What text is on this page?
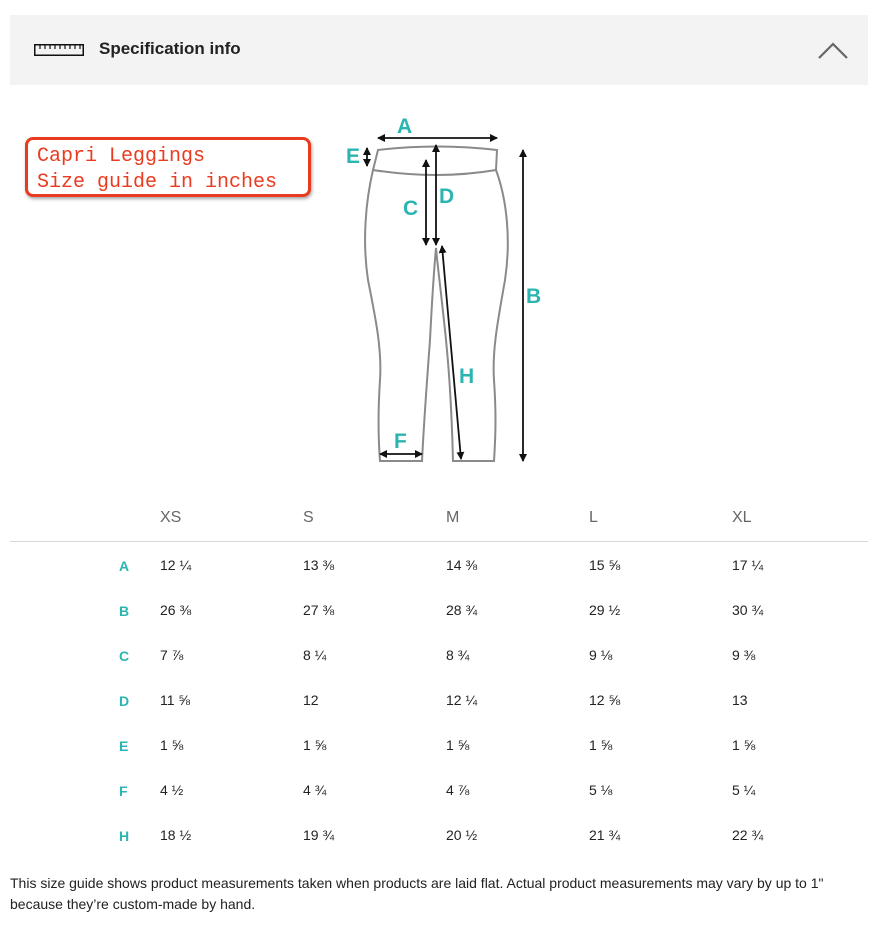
Specification info
Capri Leggings
Size guide in inches
A
E
C
D
B
H
F
XS	S	M	L	XL
A 12 ¼	13 ⅜	14 ⅜	15 ⅝	17 ¼
B 26 ⅜	27 ⅜	28 ¾	29 ½	30 ¾
C 7 ⅞	8 ¼	8 ¾	9 ⅛	9 ⅜
D 11 ⅝	12	12 ¼	12 ⅝	13
E 1 ⅝	1 ⅝	1 ⅝	1 ⅝	1 ⅝
F 4 ½	4 ¾	4 ⅞	5 ⅛	5 ¼
H 18 ½	19 ¾	20 ½	21 ¾	22 ¾
This size guide shows product measurements taken when products are laid flat. Actual product measurements may vary by up to 1" because they’re custom-made by hand.
